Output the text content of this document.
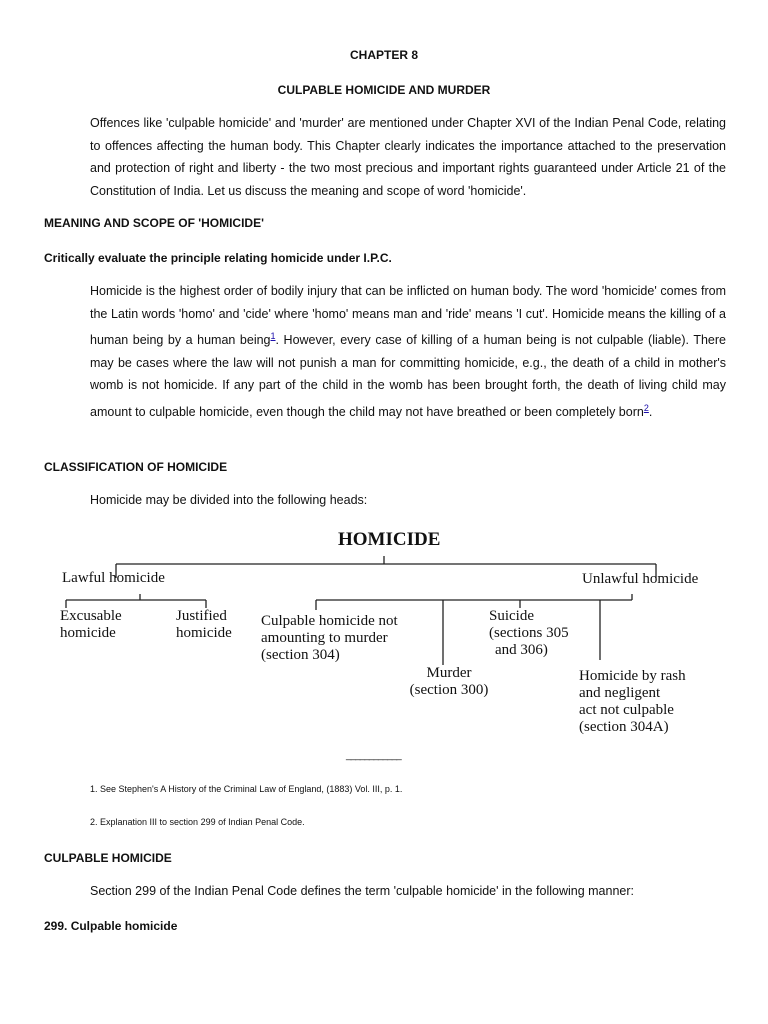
CHAPTER 8
CULPABLE HOMICIDE AND MURDER

Offences like 'culpable homicide' and 'murder' are mentioned under Chapter XVI of the Indian Penal Code, relating to offences affecting the human body. This Chapter clearly indicates the importance attached to the preservation and protection of right and liberty - the two most precious and important rights guaranteed under Article 21 of the Constitution of India. Let us discuss the meaning and scope of word 'homicide'.

MEANING AND SCOPE OF 'HOMICIDE'
Critically evaluate the principle relating homicide under I.P.C.

Homicide is the highest order of bodily injury that can be inflicted on human body. The word 'homicide' comes from the Latin words 'homo' and 'cide' where 'homo' means man and 'ride' means 'I cut'. Homicide means the killing of a human being by a human being$^1$. However, every case of killing of a human being is not culpable (liable). There may be cases where the law will not punish a man for committing homicide, e.g., the death of a child in mother's womb is not homicide. If any part of the child in the womb has been brought forth, the death of living child may amount to culpable homicide, even though the child may not have breathed or been completely born$^2$.

CLASSIFICATION OF HOMICIDE
Homicide may be divided into the following heads:
HOMICIDE
Lawful homicide	Unlawful homicide
Excusable
homicide
Justified
homicide
Culpable homicide not
amounting to murder
(section 304)
Suicide
(sections 305
and 306)
Murder
(section 300)
Homicide by rash
and negligent
act not culpable
(section 304A)
____________
1. See Stephen's A History of the Criminal Law of England, (1883) Vol. III, p. 1.
2. Explanation III to section 299 of Indian Penal Code.
CULPABLE HOMICIDE
Section 299 of the Indian Penal Code defines the term 'culpable homicide' in the following manner:
299. Culpable homicide
